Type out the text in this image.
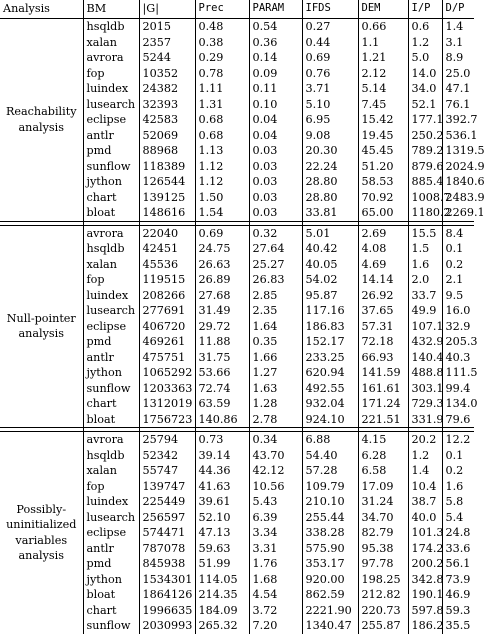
Analysis	BM	|G|	Prec	PARAM	IFDS	DEM	I/P	D/P
Reachability analysis	hsqldb	2015	0.48	0.54	0.27	0.66	0.6	1.4
	xalan	2357	0.38	0.36	0.44	1.1	1.2	3.1
	avrora	5244	0.29	0.14	0.69	1.21	5.0	8.9
	fop	10352	0.78	0.09	0.76	2.12	14.0	25.0
	luindex	24382	1.11	0.11	3.71	5.14	34.0	47.1
	lusearch	32393	1.31	0.10	5.10	7.45	52.1	76.1
	eclipse	42583	0.68	0.04	6.95	15.42	177.1	392.7
	antlr	52069	0.68	0.04	9.08	19.45	250.2	536.1
	pmd	88968	1.13	0.03	20.30	45.45	789.2	1319.5
	sunflow	118389	1.12	0.03	22.24	51.20	879.6	2024.9
	jython	126544	1.12	0.03	28.80	58.53	885.4	1840.6
	chart	139125	1.50	0.03	28.80	70.92	1008.7	2483.9
	bloat	148616	1.54	0.03	33.81	65.00	1180.2	2269.1

Null-pointer analysis	avrora	22040	0.69	0.32	5.01	2.69	15.5	8.4
	hsqldb	42451	24.75	27.64	40.42	4.08	1.5	0.1
	xalan	45536	26.63	25.27	40.05	4.69	1.6	0.2
	fop	119515	26.89	26.83	54.02	14.14	2.0	2.1
	luindex	208266	27.68	2.85	95.87	26.92	33.7	9.5
	lusearch	277691	31.49	2.35	117.16	37.65	49.9	16.0
	eclipse	406720	29.72	1.64	186.83	57.31	107.1	32.9
	pmd	469261	11.88	0.35	152.17	72.18	432.9	205.3
	antlr	475751	31.75	1.66	233.25	66.93	140.4	40.3
	jython	1065292	53.66	1.27	620.94	141.59	488.8	111.5
	sunflow	1203363	72.74	1.63	492.55	161.61	303.1	99.4
	chart	1312019	63.59	1.28	932.04	171.24	729.3	134.0
	bloat	1756723	140.86	2.78	924.10	221.51	331.9	79.6

Possibly-uninitialized variables analysis	avrora	25794	0.73	0.34	6.88	4.15	20.2	12.2
	hsqldb	52342	39.14	43.70	54.40	6.28	1.2	0.1
	xalan	55747	44.36	42.12	57.28	6.58	1.4	0.2
	fop	139747	41.63	10.56	109.79	17.09	10.4	1.6
	luindex	225449	39.61	5.43	210.10	31.24	38.7	5.8
	lusearch	256597	52.10	6.39	255.44	34.70	40.0	5.4
	eclipse	574471	47.13	3.34	338.28	82.79	101.3	24.8
	antlr	787078	59.63	3.31	575.90	95.38	174.2	33.6
	pmd	845938	51.99	1.76	353.17	97.78	200.2	56.1
	jython	1534301	114.05	1.68	920.00	198.25	342.8	73.9
	bloat	1864126	214.35	4.54	862.59	212.82	190.1	46.9
	chart	1996635	184.09	3.72	2221.90	220.73	597.8	59.3
	sunflow	2030993	265.32	7.20	1340.47	255.87	186.2	35.5
